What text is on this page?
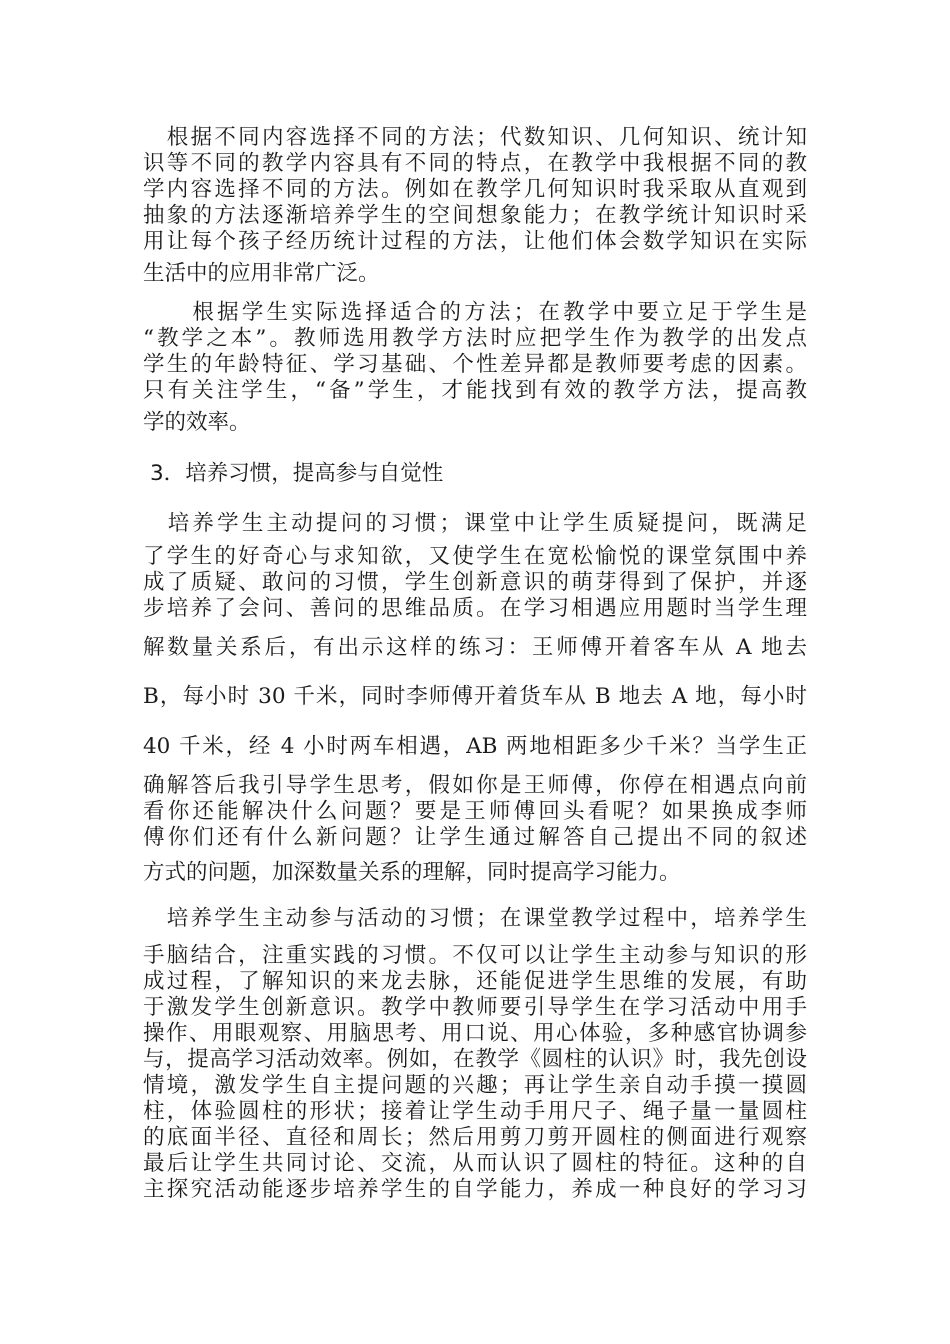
　根据不同内容选择不同的方法；代数知识、几何知识、统计知
识等不同的教学内容具有不同的特点，在教学中我根据不同的教
学内容选择不同的方法。例如在教学几何知识时我采取从直观到
抽象的方法逐渐培养学生的空间想象能力；在教学统计知识时采
用让每个孩子经历统计过程的方法，让他们体会数学知识在实际
生活中的应用非常广泛。
　　根据学生实际选择适合的方法；在教学中要立足于学生是
“教学之本”。教师选用教学方法时应把学生作为教学的出发点
学生的年龄特征、学习基础、个性差异都是教师要考虑的因素。
只有关注学生，“备”学生，才能找到有效的教学方法，提高教
学的效率。
3．培养习惯，提高参与自觉性
　培养学生主动提问的习惯；课堂中让学生质疑提问，既满足
了学生的好奇心与求知欲，又使学生在宽松愉悦的课堂氛围中养
成了质疑、敢问的习惯，学生创新意识的萌芽得到了保护，并逐
步培养了会问、善问的思维品质。在学习相遇应用题时当学生理
解数量关系后，有出示这样的练习：王师傅开着客车从 A 地去
B，每小时 30 千米，同时李师傅开着货车从 B 地去 A 地，每小时
40 千米，经 4 小时两车相遇，AB 两地相距多少千米？当学生正
确解答后我引导学生思考，假如你是王师傅，你停在相遇点向前
看你还能解决什么问题？要是王师傅回头看呢？如果换成李师
傅你们还有什么新问题？让学生通过解答自己提出不同的叙述
方式的问题，加深数量关系的理解，同时提高学习能力。
　培养学生主动参与活动的习惯；在课堂教学过程中，培养学生
手脑结合，注重实践的习惯。不仅可以让学生主动参与知识的形
成过程，了解知识的来龙去脉，还能促进学生思维的发展，有助
于激发学生创新意识。教学中教师要引导学生在学习活动中用手
操作、用眼观察、用脑思考、用口说、用心体验，多种感官协调参
与，提高学习活动效率。例如，在教学《圆柱的认识》时，我先创设
情境，激发学生自主提问题的兴趣；再让学生亲自动手摸一摸圆
柱，体验圆柱的形状；接着让学生动手用尺子、绳子量一量圆柱
的底面半径、直径和周长；然后用剪刀剪开圆柱的侧面进行观察
最后让学生共同讨论、交流，从而认识了圆柱的特征。这种的自
主探究活动能逐步培养学生的自学能力，养成一种良好的学习习
